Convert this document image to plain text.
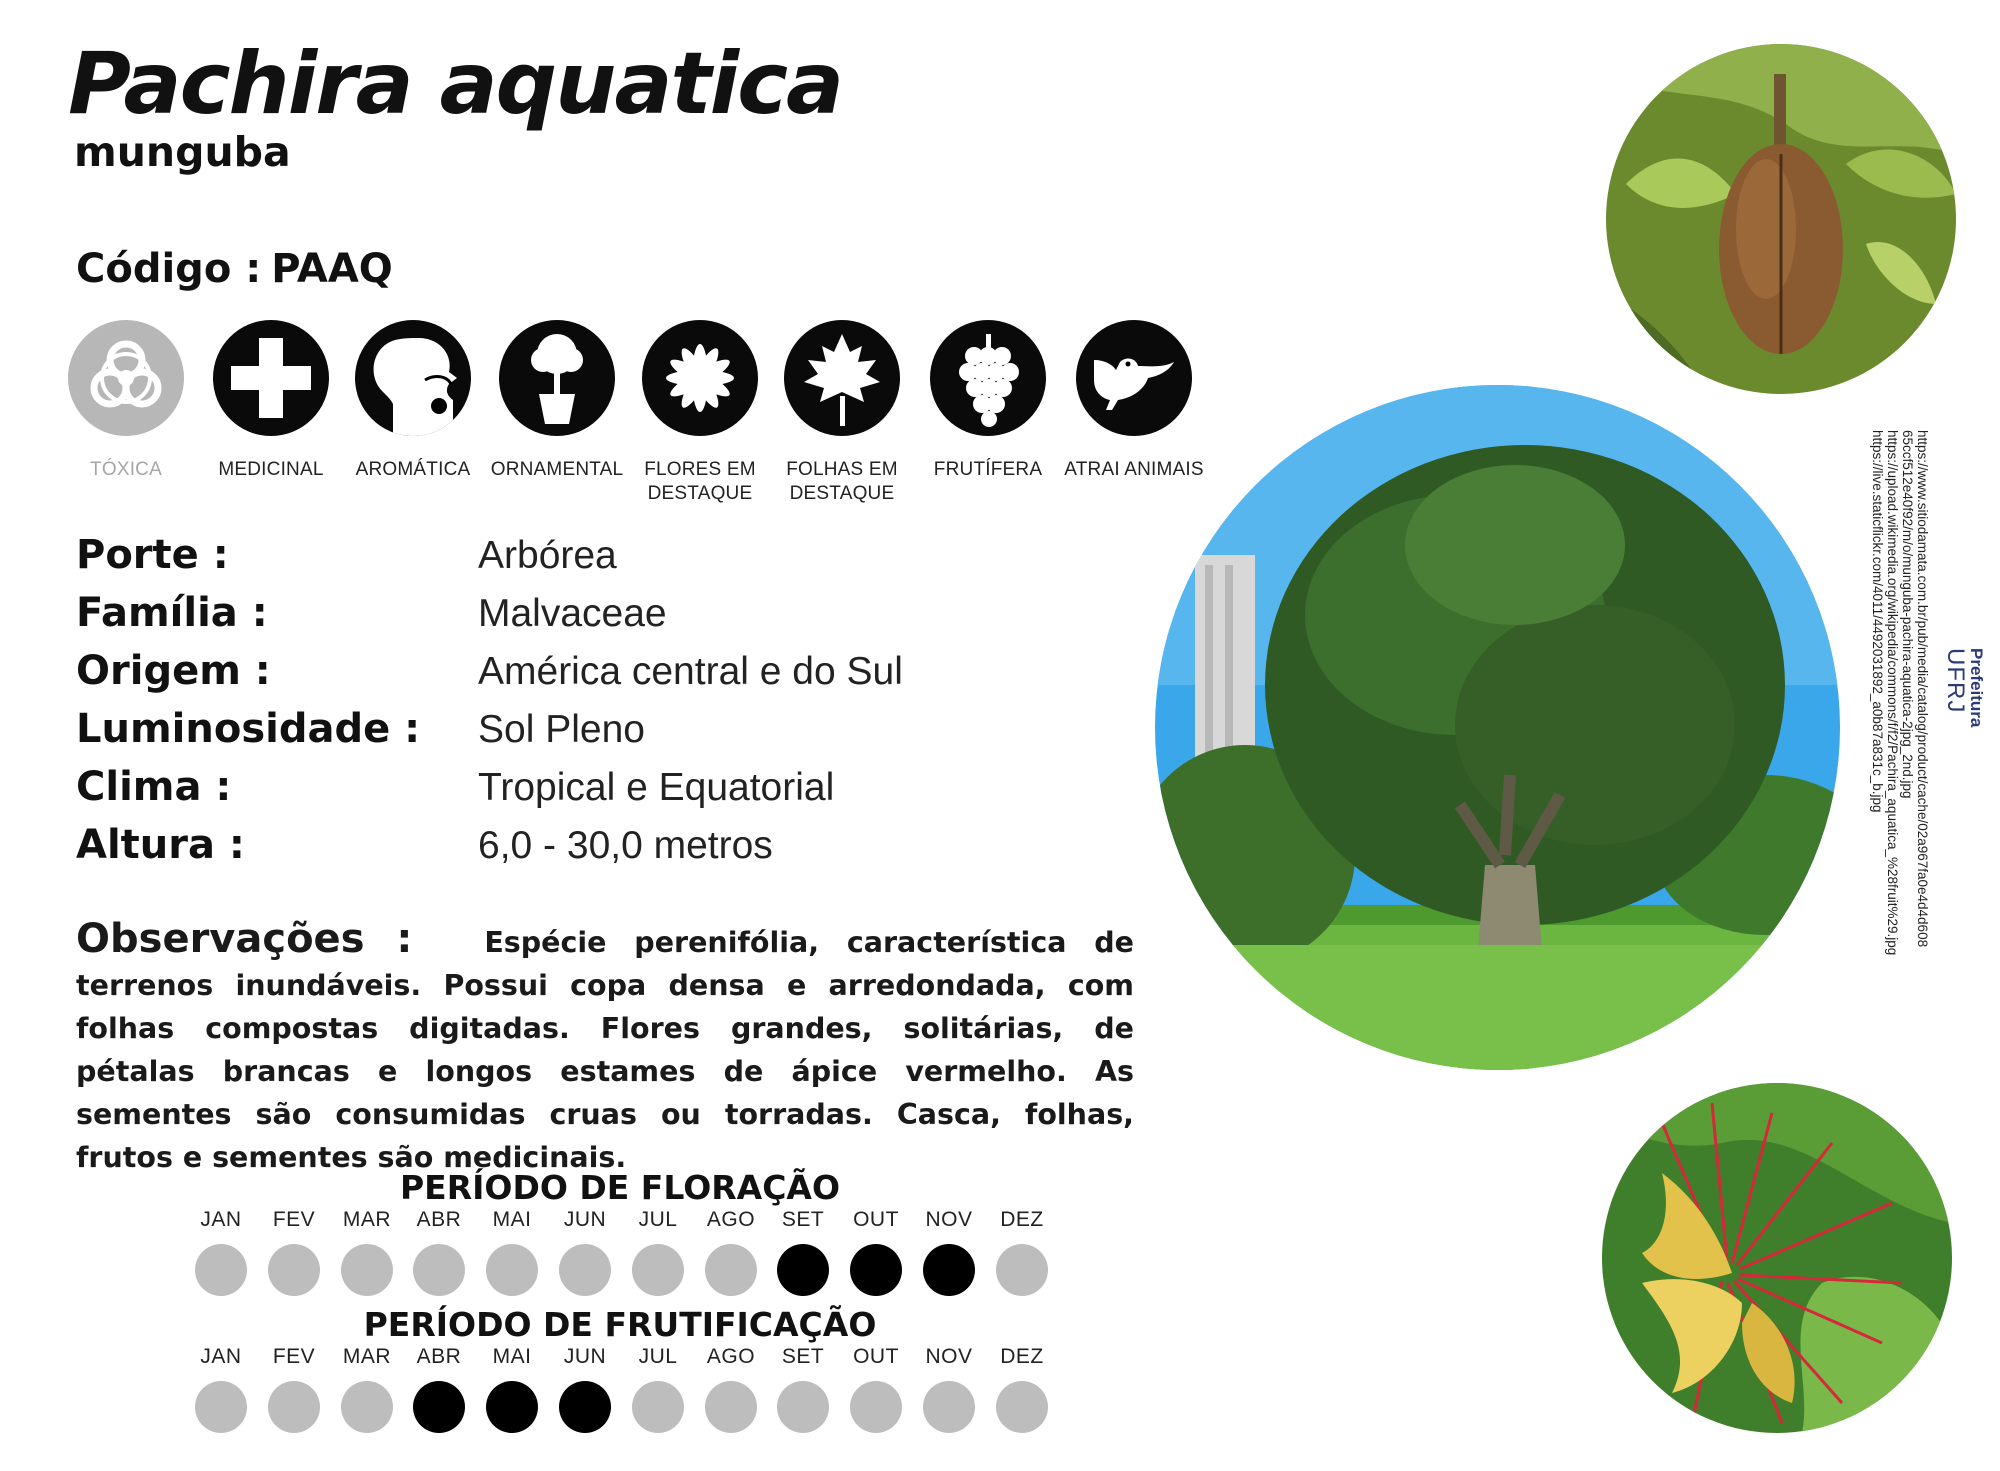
Pachira aquatica
munguba
Código : PAAQ
TÓXICA	MEDICINAL	AROMÁTICA	ORNAMENTAL	FLORES EM DESTAQUE
FOLHAS EM DESTAQUE
FRUTÍFERA	ATRAI ANIMAIS
Porte :	Arbórea
Família :	Malvaceae
Origem :	América central e do Sul
Luminosidade : Sol Pleno
Clima :	Tropical e Equatorial
Altura :	6,0 - 30,0 metros
Observações :	Espécie perenifólia, característica de terrenos inundáveis. Possui copa densa e arredondada, com folhas compostas digitadas. Flores grandes, solitárias, de pétalas brancas e longos estames de ápice vermelho. As sementes são consumidas cruas ou torradas. Casca, folhas, frutos e sementes são medicinais.
PERÍODO DE FLORAÇÃO
JAN	FEV	MAR	ABR	MAI	JUN	JUL	AGO	SET	OUT	NOV	DEZ
PERÍODO DE FRUTIFICAÇÃO
JAN	FEV	MAR	ABR	MAI	JUN	JUL	AGO	SET	OUT	NOV	DEZ
https://www.sitiodamata.com.br/pub/media/catalog/product/cache/02a967fa0e4d4d608
65ccf512e40f92/m/o/munguba-pachira-aquatica-2jpg_2nd.jpg
https://upload.wikimedia.org/wikipedia/commons/f/f2/Pachira_aquatica_%28fruit%29.jpg
https://live.staticflickr.com/4011/4492031892_a0b87a831c_b.jpg	Prefeitura
UFRJ
